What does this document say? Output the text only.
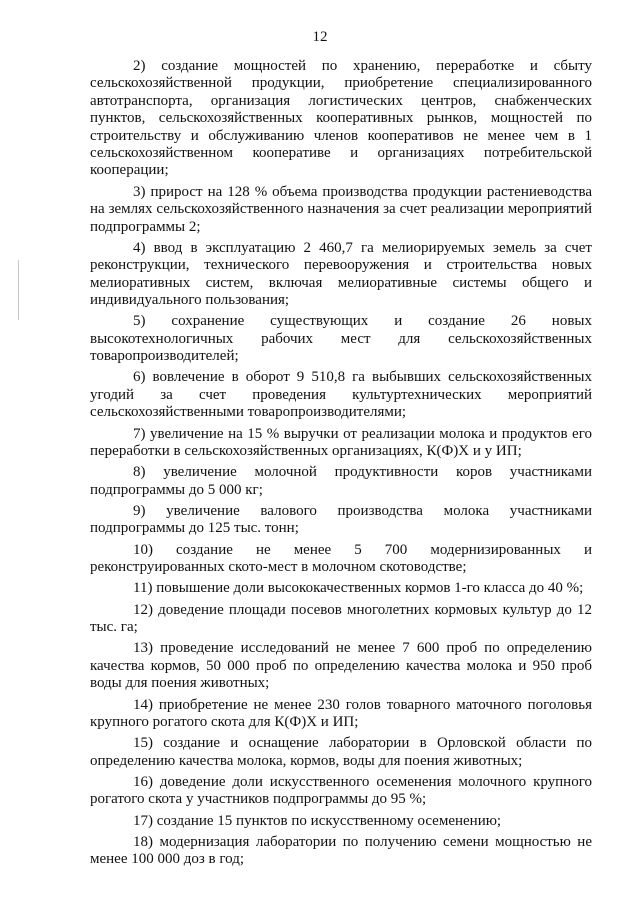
12

2) создание мощностей по хранению, переработке и сбыту сельскохозяйственной продукции, приобретение специализированного автотранспорта, организация логистических центров, снабженческих пунктов, сельскохозяйственных кооперативных рынков, мощностей по строительству и обслуживанию членов кооперативов не менее чем в 1 сельскохозяйственном кооперативе и организациях потребительской кооперации;

3) прирост на 128 % объема производства продукции растениеводства на землях сельскохозяйственного назначения за счет реализации мероприятий подпрограммы 2;

4) ввод в эксплуатацию 2 460,7 га мелиорируемых земель за счет реконструкции, технического перевооружения и строительства новых мелиоративных систем, включая мелиоративные системы общего и индивидуального пользования;

5) сохранение существующих и создание 26 новых высокотехнологичных рабочих мест для сельскохозяйственных товаропроизводителей;

6) вовлечение в оборот 9 510,8 га выбывших сельскохозяйственных угодий за счет проведения культуртехнических мероприятий сельскохозяйственными товаропроизводителями;

7) увеличение на 15 % выручки от реализации молока и продуктов его переработки в сельскохозяйственных организациях, К(Ф)Х и у ИП;

8) увеличение молочной продуктивности коров участниками подпрограммы до 5 000 кг;

9) увеличение валового производства молока участниками подпрограммы до 125 тыс. тонн;

10) создание не менее 5 700 модернизированных и реконструированных ското-мест в молочном скотоводстве;

11) повышение доли высококачественных кормов 1-го класса до 40 %;

12) доведение площади посевов многолетних кормовых культур до 12 тыс. га;

13) проведение исследований не менее 7 600 проб по определению качества кормов, 50 000 проб по определению качества молока и 950 проб воды для поения животных;

14) приобретение не менее 230 голов товарного маточного поголовья крупного рогатого скота для К(Ф)Х и ИП;

15) создание и оснащение лаборатории в Орловской области по определению качества молока, кормов, воды для поения животных;

16) доведение доли искусственного осеменения молочного крупного рогатого скота у участников подпрограммы до 95 %;

17) создание 15 пунктов по искусственному осеменению;

18) модернизация лаборатории по получению семени мощностью не менее 100 000 доз в год;
